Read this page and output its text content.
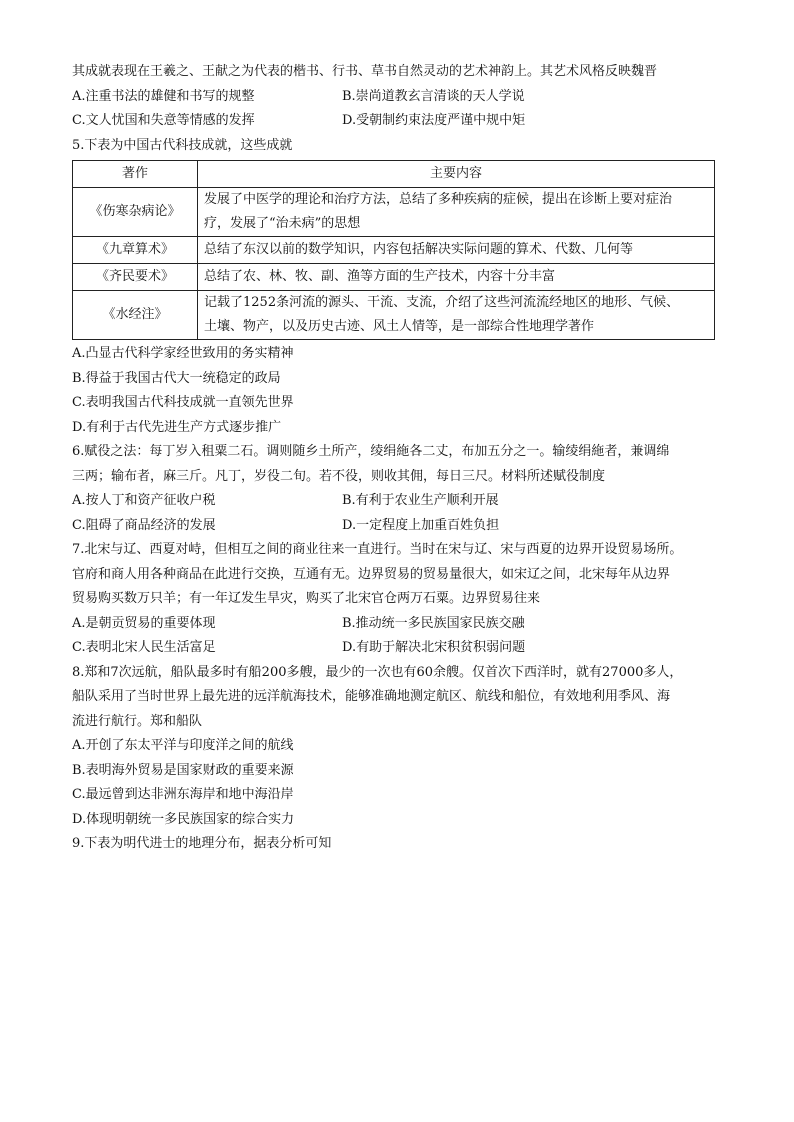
其成就表现在王羲之、王献之为代表的楷书、行书、草书自然灵动的艺术神韵上。其艺术风格反映魏晋
A.注重书法的雄健和书写的规整	B.崇尚道教玄言清谈的天人学说
C.文人忧国和失意等情感的发挥	D.受朝制约束法度严谨中规中矩
5.下表为中国古代科技成就，这些成就
著作	主要内容
《伤寒杂病论》	发展了中医学的理论和治疗方法，总结了多种疾病的症候，提出在诊断上要对症治
疗，发展了“治未病”的思想

《九章算术》	总结了东汉以前的数学知识，内容包括解决实际问题的算术、代数、几何等

《齐民要术》	总结了农、林、牧、副、渔等方面的生产技术，内容十分丰富

《水经注》	记载了1252条河流的源头、干流、支流，介绍了这些河流流经地区的地形、气候、
土壤、物产，以及历史古迹、风土人情等，是一部综合性地理学著作
A.凸显古代科学家经世致用的务实精神
B.得益于我国古代大一统稳定的政局
C.表明我国古代科技成就一直领先世界
D.有利于古代先进生产方式逐步推广
6.赋役之法：每丁岁入租粟二石。调则随乡土所产，绫绢絁各二丈，布加五分之一。输绫绢絁者，兼调绵
三两；输布者，麻三斤。凡丁，岁役二旬。若不役，则收其佣，每日三尺。材料所述赋役制度
A.按人丁和资产征收户税	B.有利于农业生产顺利开展
C.阻碍了商品经济的发展	D.一定程度上加重百姓负担
7.北宋与辽、西夏对峙，但相互之间的商业往来一直进行。当时在宋与辽、宋与西夏的边界开设贸易场所。
官府和商人用各种商品在此进行交换，互通有无。边界贸易的贸易量很大，如宋辽之间，北宋每年从边界
贸易购买数万只羊；有一年辽发生旱灾，购买了北宋官仓两万石粟。边界贸易往来
A.是朝贡贸易的重要体现	B.推动统一多民族国家民族交融
C.表明北宋人民生活富足	D.有助于解决北宋积贫积弱问题
8.郑和7次远航，船队最多时有船200多艘，最少的一次也有60余艘。仅首次下西洋时，就有27000多人，
船队采用了当时世界上最先进的远洋航海技术，能够准确地测定航区、航线和船位，有效地利用季风、海
流进行航行。郑和船队
A.开创了东太平洋与印度洋之间的航线
B.表明海外贸易是国家财政的重要来源
C.最远曾到达非洲东海岸和地中海沿岸
D.体现明朝统一多民族国家的综合实力
9.下表为明代进士的地理分布，据表分析可知
